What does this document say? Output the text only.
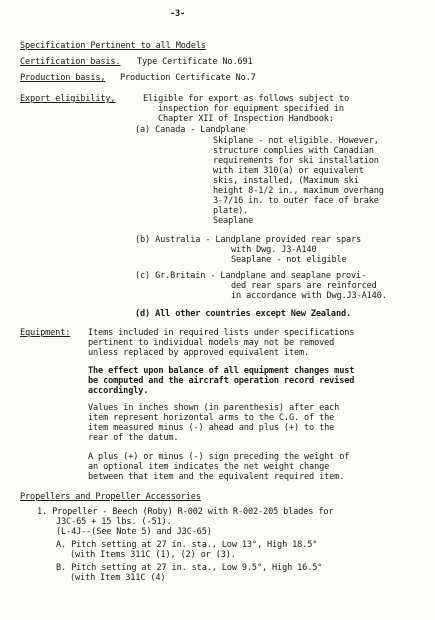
-3-
Specification Pertinent to all Models
Certification basis. Type Certificate No.691
Production basis, Production Certificate No.7
Export eligibility,	Eligible for export as follows subject to
inspection for equipment specified in
Chapter XII of Inspection Handbook:
(a) Canada - Landplane
Skiplane - not eligible. However,
structure complies with Canadian
requirements for ski installation
with item 310(a) or equivalent
skis, installed, (Maximum ski
height 8-1/2 in., maximum overhang
3-7/16 in. to outer face of brake
plate).
Seaplane
(b) Australia - Landplane provided rear spars
with Dwg. J3-A140
Seaplane - not eligible
(c) Gr.Britain - Landplane and seaplane provi-
ded rear spars are reinforced
in accordance with Dwg.J3-A140.
(d) All other countries except New Zealand.
Equipment: Items included in required lists under specifications
pertinent to individual models may not be removed
unless replaced by approved equivalent item.
The effect upon balance of all equipment changes must
be computed and the aircraft operation record revised
accordingly.
Values in inches shown (in parenthesis) after each
item represent horizontal arms to the C.G. of the
item measured minus (-) ahead and plus (+) to the
rear of the datum.
A plus (+) or minus (-) sign preceding the weight of
an optional item indicates the net weight change
between that item and the equivalent required item.
Propellers and Propeller Accessories
1. Propeller - Beech (Roby) R-002 with R-002-205 blades for
J3C-65 + 15 lbs. (-51).
(L-4J--(See Note 5) and J3C-65)
A. Pitch setting at 27 in. sta., Low 13°, High 18.5°
(with Items 311C (1), (2) or (3).
B. Pitch setting at 27 in. sta., Low 9.5°, High 16.5°
(with Item 311C (4)
